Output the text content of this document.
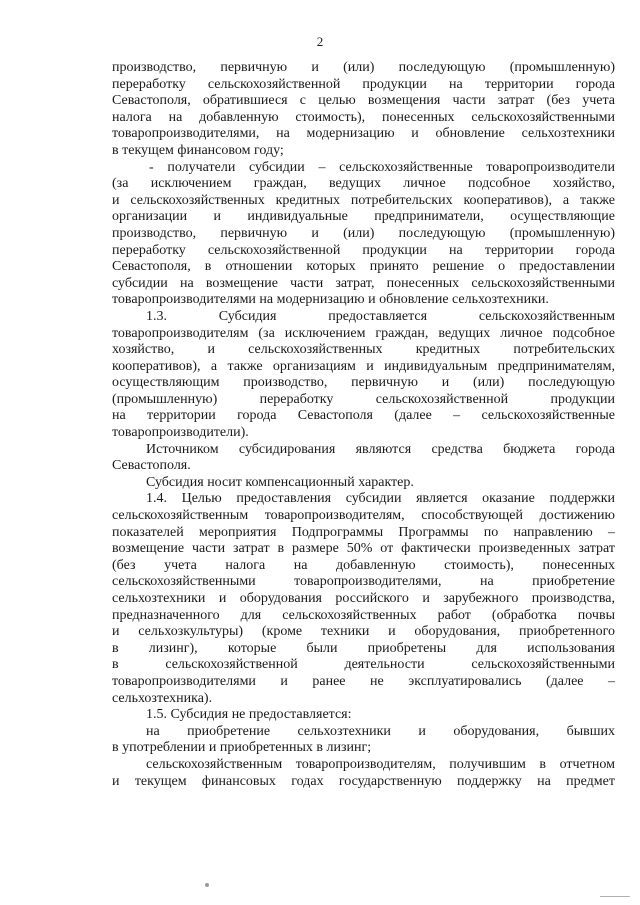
2
производство, первичную и (или) последующую (промышленную)
переработку сельскохозяйственной продукции на территории города
Севастополя, обратившиеся с целью возмещения части затрат (без учета
налога на добавленную стоимость), понесенных сельскохозяйственными
товаропроизводителями, на модернизацию и обновление сельхозтехники
в текущем финансовом году;
- получатели субсидии – сельскохозяйственные товаропроизводители
(за исключением граждан, ведущих личное подсобное хозяйство,
и сельскохозяйственных кредитных потребительских кооперативов), а также
организации и индивидуальные предприниматели, осуществляющие
производство, первичную и (или) последующую (промышленную)
переработку сельскохозяйственной продукции на территории города
Севастополя, в отношении которых принято решение о предоставлении
субсидии на возмещение части затрат, понесенных сельскохозяйственными
товаропроизводителями на модернизацию и обновление сельхозтехники.
1.3. Субсидия предоставляется сельскохозяйственным
товаропроизводителям (за исключением граждан, ведущих личное подсобное
хозяйство, и сельскохозяйственных кредитных потребительских
кооперативов), а также организациям и индивидуальным предпринимателям,
осуществляющим производство, первичную и (или) последующую
(промышленную) переработку сельскохозяйственной продукции
на территории города Севастополя (далее – сельскохозяйственные
товаропроизводители).
Источником субсидирования являются средства бюджета города
Севастополя.
Субсидия носит компенсационный характер.
1.4. Целью предоставления субсидии является оказание поддержки
сельскохозяйственным товаропроизводителям, способствующей достижению
показателей мероприятия Подпрограммы Программы по направлению –
возмещение части затрат в размере 50% от фактически произведенных затрат
(без учета налога на добавленную стоимость), понесенных
сельскохозяйственными товаропроизводителями, на приобретение
сельхозтехники и оборудования российского и зарубежного производства,
предназначенного для сельскохозяйственных работ (обработка почвы
и сельхозкультуры) (кроме техники и оборудования, приобретенного
в лизинг), которые были приобретены для использования
в сельскохозяйственной деятельности сельскохозяйственными
товаропроизводителями и ранее не эксплуатировались (далее –
сельхозтехника).
1.5. Субсидия не предоставляется:
на приобретение сельхозтехники и оборудования, бывших
в употреблении и приобретенных в лизинг;
сельскохозяйственным товаропроизводителям, получившим в отчетном
и текущем финансовых годах государственную поддержку на предмет
